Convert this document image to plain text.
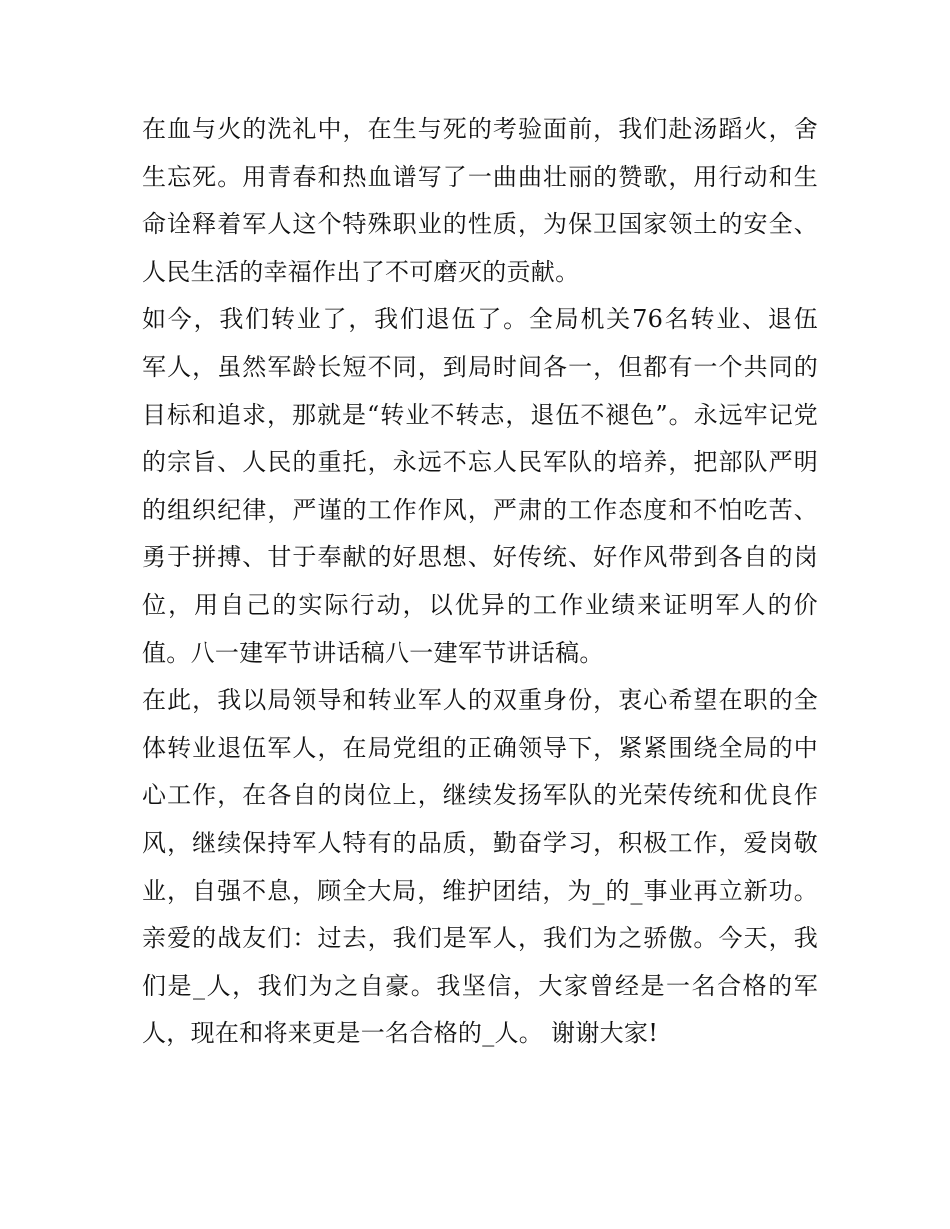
在血与火的洗礼中，在生与死的考验面前，我们赴汤蹈火，舍
生忘死。用青春和热血谱写了一曲曲壮丽的赞歌，用行动和生
命诠释着军人这个特殊职业的性质，为保卫国家领土的安全、
人民生活的幸福作出了不可磨灭的贡献。
如今，我们转业了，我们退伍了。全局机关76名转业、退伍
军人，虽然军龄长短不同，到局时间各一，但都有一个共同的
目标和追求，那就是“转业不转志，退伍不褪色”。永远牢记党
的宗旨、人民的重托，永远不忘人民军队的培养，把部队严明
的组织纪律，严谨的工作作风，严肃的工作态度和不怕吃苦、
勇于拼搏、甘于奉献的好思想、好传统、好作风带到各自的岗
位，用自己的实际行动，以优异的工作业绩来证明军人的价
值。八一建军节讲话稿八一建军节讲话稿。
在此，我以局领导和转业军人的双重身份，衷心希望在职的全
体转业退伍军人，在局党组的正确领导下，紧紧围绕全局的中
心工作，在各自的岗位上，继续发扬军队的光荣传统和优良作
风，继续保持军人特有的品质，勤奋学习，积极工作，爱岗敬
业，自强不息，顾全大局，维护团结，为_的_事业再立新功。
亲爱的战友们：过去，我们是军人，我们为之骄傲。今天，我
们是_人，我们为之自豪。我坚信，大家曾经是一名合格的军
人，现在和将来更是一名合格的_人。 谢谢大家!
